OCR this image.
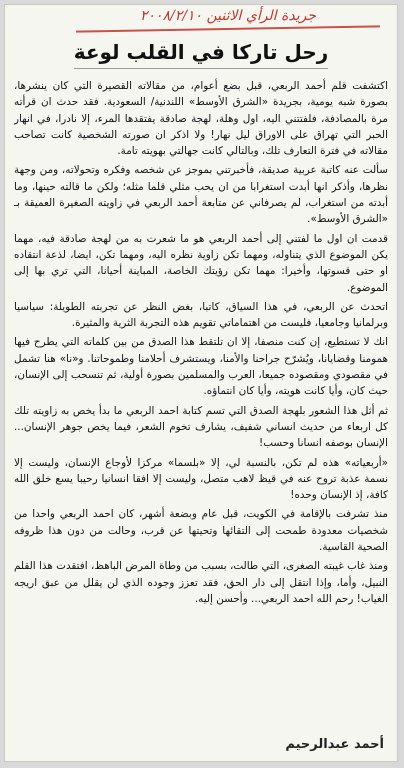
جريدة الرأي الاثنين ٢٠٠٨/٢/١٠
رحل تاركا في القلب لوعة

اكتشفت قلم أحمد الربعي، قبل بضع أعوام، من مقالاته القصيرة التي كان ينشرها، بصورة شبه يومية، بجريدة «الشرق الأوسط» اللندنية/ السعودية. فقد حدث ان قرأته مرة بالمصادفة، فلفتتني اليه، اول وهلة، لهجة صادقة يفتقدها المرء، إلا نادرا، في انهار الحبر التي تهراق على الاوراق ليل نهار! ولا اذكر ان صورته الشخصية كانت تصاحب مقالاته في فترة التعارف تلك، وبالتالي كانت جهالتي بهويته تامة.

سألت عنه كاتبة عربية صديقة، فأخبرتني بموجز عن شخصه وفكره وتحولاته، ومن وجهة نظرها، وأذكر انها أبدت استغرابا من ان يحب مثلي قلما مثله؛ ولكن ما قالته حينها، وما أبدته من استغراب، لم يصرفاني عن متابعة أحمد الربعي في زاويته الصغيرة العميقة بـ «الشرق الأوسط».

قدمت ان اول ما لفتني إلى أحمد الربعي هو ما شعرت به من لهجة صادقة فيه، مهما يكن الموضوع الذي يتناوله، ومهما تكن زاوية نظره اليه، ومهما تكن، ايضا، لذعة انتقاده او حتى قسوتها، وأخيرا: مهما تكن رؤيتك الخاصة، المباينة أحيانا، التي تري بها إلى الموضوع.

اتحدث عن الربعي، في هذا السياق، كاتبا، بغض النظر عن تجربته الطويلة: سياسيا وبرلمانيا وجامعيا، فليست من اهتماماتي تقويم هذه التجربة الثرية والمثيرة.

انك لا تستطيع، إن كنت منصفا، إلا ان تلتقط هذا الصدق من بين كلماته التي يطرح فيها همومنا وقضايانا، ويُشرّح جراحنا والأمنا، ويستشرف أحلامنا وطموحاتنا. و«نا» هنا تشمل في مقصودي ومقصوده جميعا، العرب والمسلمين بصورة أولية، ثم تنسحب إلى الإنسان، حيث كان، وأيا كانت هويته، وأيا كان انتماؤه.

ثم أثل هذا الشعور بلهجة الصدق التي تسم كتابة احمد الربعي ما بدأ يخص به زاويته تلك كل اربعاء من حديث انساني شفيف، يشارف تخوم الشعر، فيما يخص جوهر الإنسان... الإنسان بوصفه انسانا وحسب!

«أربعياته» هذه لم تكن، بالنسبة لي، إلا «بلسما» مركزا لأوجاع الإنسان، وليست إلا نسمة عذبة تروح عنه في قيظ لاهب متصل، وليست إلا افقا انسانيا رحيبا يسع خلق الله كافة، إذ الإنسان وحده!

منذ تشرفت بالإقامة في الكويت، قبل عام وبضعة أشهر، كان احمد الربعي واحدا من شخصيات معدودة طمحت إلى التقائها وتحيتها عن قرب، وحالت من دون هذا ظروفه الصحية القاسية.

ومنذ غاب غيبته الصغرى، التي طالت، بسبب من وطاة المرض الباهظ، افتقدت هذا القلم النبيل، وأما، وإذا انتقل إلى دار الحق، فقد تعزز وجوده الذي لن يقلل من عبق اريجه الغياب! رحم الله احمد الربعي... وأحسن إليه.

أحمد عبدالرحيم
